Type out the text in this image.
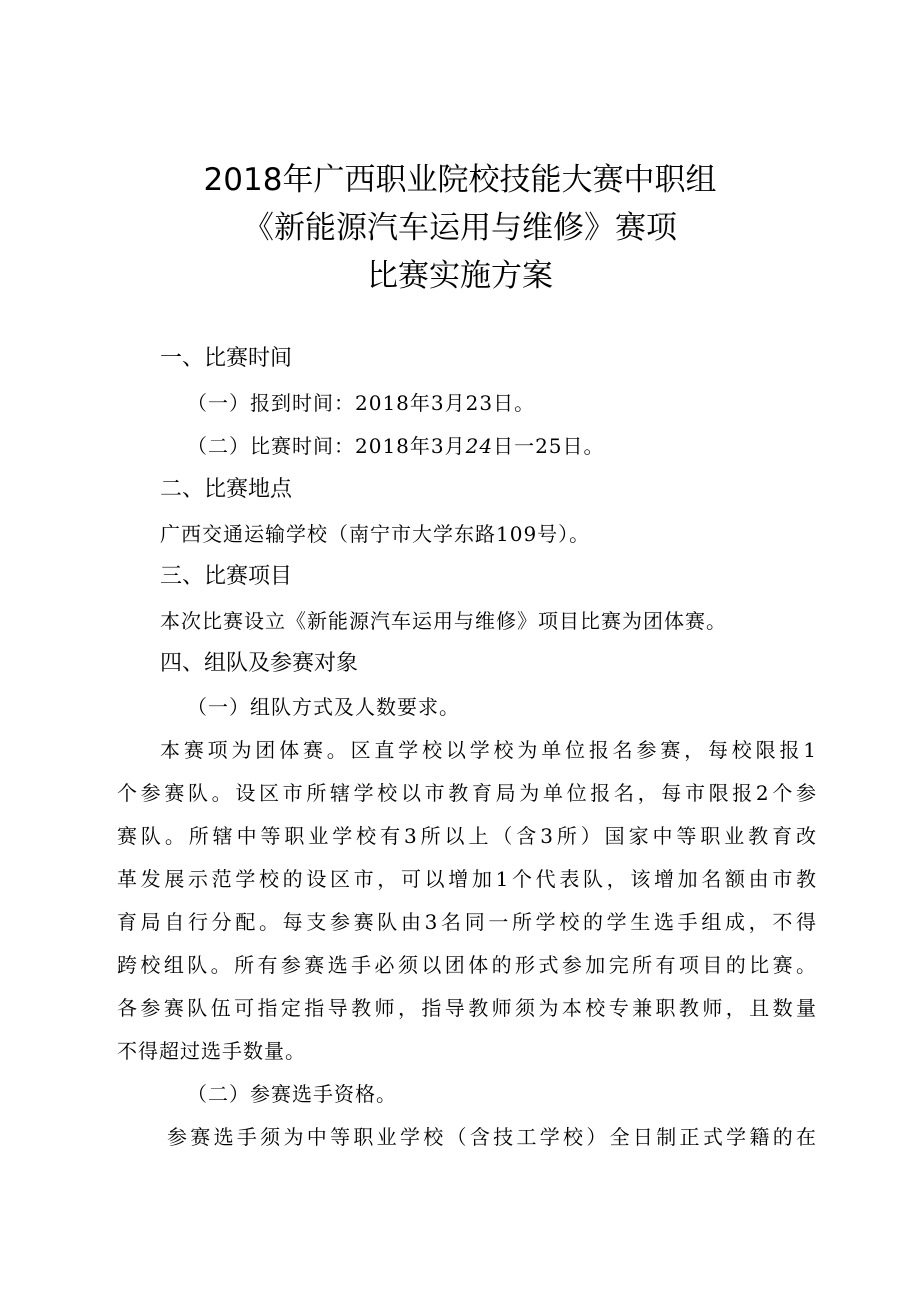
2018年广西职业院校技能大赛中职组
《新能源汽车运用与维修》赛项
比赛实施方案
一、比赛时间
（一）报到时间：2018年3月23日。
（二）比赛时间：2018年3月24日一25日。
二、比赛地点
广西交通运输学校（南宁市大学东路109号）。
三、比赛项目
本次比赛设立《新能源汽车运用与维修》项目比赛为团体赛。
四、组队及参赛对象
（一）组队方式及人数要求。
本赛项为团体赛。区直学校以学校为单位报名参赛，每校限报1
个参赛队。设区市所辖学校以市教育局为单位报名，每市限报2个参
赛队。所辖中等职业学校有3所以上（含3所）国家中等职业教育改
革发展示范学校的设区市，可以增加1个代表队，该增加名额由市教
育局自行分配。每支参赛队由3名同一所学校的学生选手组成，不得
跨校组队。所有参赛选手必须以团体的形式参加完所有项目的比赛。
各参赛队伍可指定指导教师，指导教师须为本校专兼职教师，且数量
不得超过选手数量。
（二）参赛选手资格。
参赛选手须为中等职业学校（含技工学校）全日制正式学籍的在
